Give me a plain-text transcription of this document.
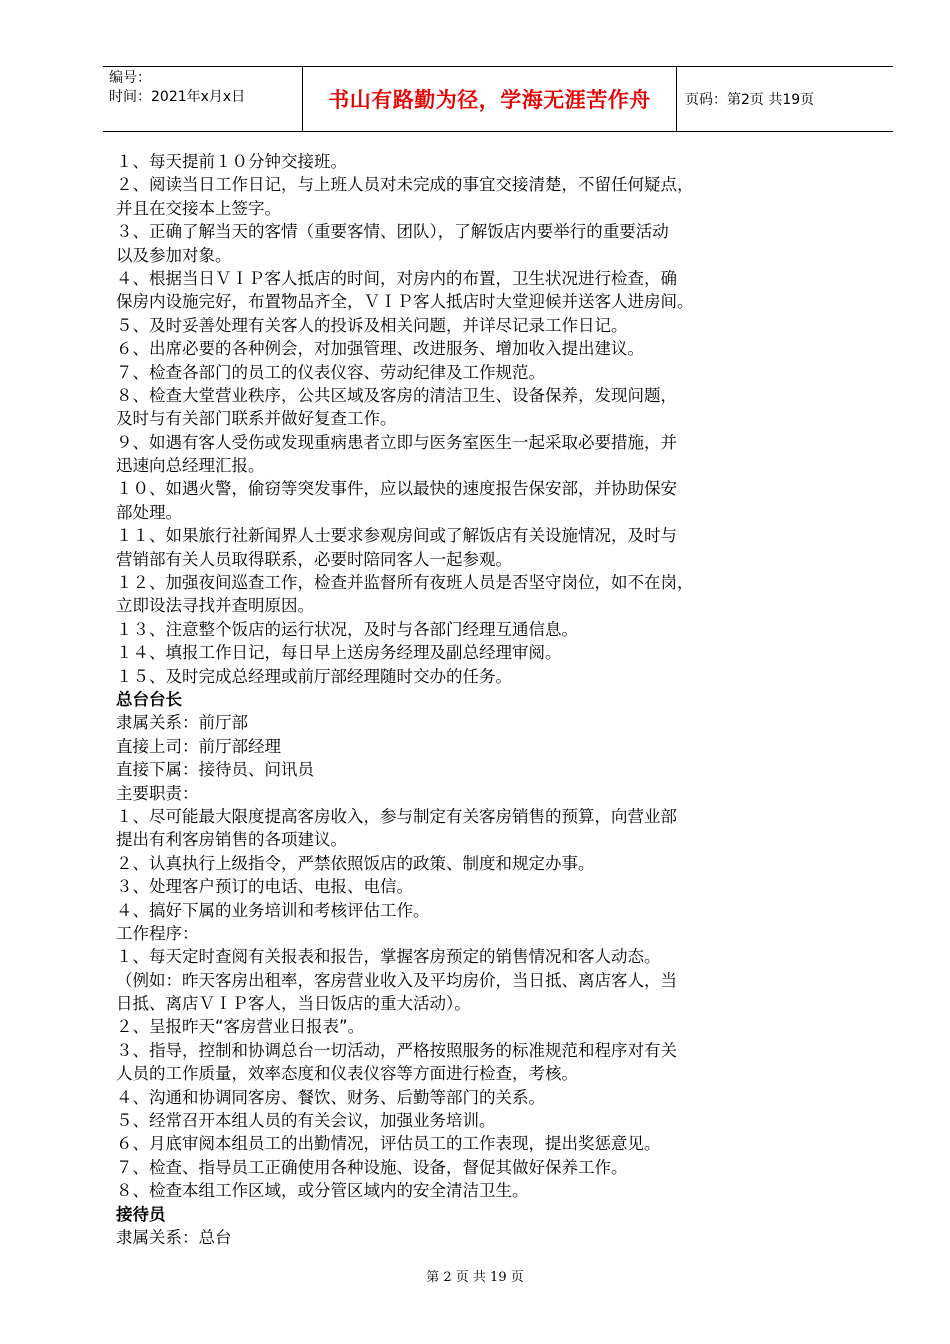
编号：
时间：2021年x月x日	书山有路勤为径，学海无涯苦作舟	页码：第2页 共19页
１、每天提前１０分钟交接班。
２、阅读当日工作日记，与上班人员对未完成的事宜交接清楚，不留任何疑点，
并且在交接本上签字。
３、正确了解当天的客情（重要客情、团队），了解饭店内要举行的重要活动
以及参加对象。
４、根据当日ＶＩＰ客人抵店的时间，对房内的布置，卫生状况进行检查，确
保房内设施完好，布置物品齐全，ＶＩＰ客人抵店时大堂迎候并送客人进房间。
５、及时妥善处理有关客人的投诉及相关问题，并详尽记录工作日记。
６、出席必要的各种例会，对加强管理、改进服务、增加收入提出建议。
７、检查各部门的员工的仪表仪容、劳动纪律及工作规范。
８、检查大堂营业秩序，公共区域及客房的清洁卫生、设备保养，发现问题，
及时与有关部门联系并做好复查工作。
９、如遇有客人受伤或发现重病患者立即与医务室医生一起采取必要措施，并
迅速向总经理汇报。
１０、如遇火警，偷窃等突发事件，应以最快的速度报告保安部，并协助保安
部处理。
１１、如果旅行社新闻界人士要求参观房间或了解饭店有关设施情况，及时与
营销部有关人员取得联系，必要时陪同客人一起参观。
１２、加强夜间巡查工作，检查并监督所有夜班人员是否坚守岗位，如不在岗，
立即设法寻找并查明原因。
１３、注意整个饭店的运行状况，及时与各部门经理互通信息。
１４、填报工作日记，每日早上送房务经理及副总经理审阅。
１５、及时完成总经理或前厅部经理随时交办的任务。
总台台长
隶属关系：前厅部
直接上司：前厅部经理
直接下属：接待员、问讯员
主要职责：
１、尽可能最大限度提高客房收入，参与制定有关客房销售的预算，向营业部
提出有利客房销售的各项建议。
２、认真执行上级指令，严禁依照饭店的政策、制度和规定办事。
３、处理客户预订的电话、电报、电信。
４、搞好下属的业务培训和考核评估工作。
工作程序：
１、每天定时查阅有关报表和报告，掌握客房预定的销售情况和客人动态。
（例如：昨天客房出租率，客房营业收入及平均房价，当日抵、离店客人，当
日抵、离店ＶＩＰ客人，当日饭店的重大活动）。
２、呈报昨天“客房营业日报表”。
３、指导，控制和协调总台一切活动，严格按照服务的标准规范和程序对有关
人员的工作质量，效率态度和仪表仪容等方面进行检查，考核。
４、沟通和协调同客房、餐饮、财务、后勤等部门的关系。
５、经常召开本组人员的有关会议，加强业务培训。
６、月底审阅本组员工的出勤情况，评估员工的工作表现，提出奖惩意见。
７、检查、指导员工正确使用各种设施、设备，督促其做好保养工作。
８、检查本组工作区域，或分管区域内的安全清洁卫生。
接待员
隶属关系：总台
第 2 页 共 19 页
